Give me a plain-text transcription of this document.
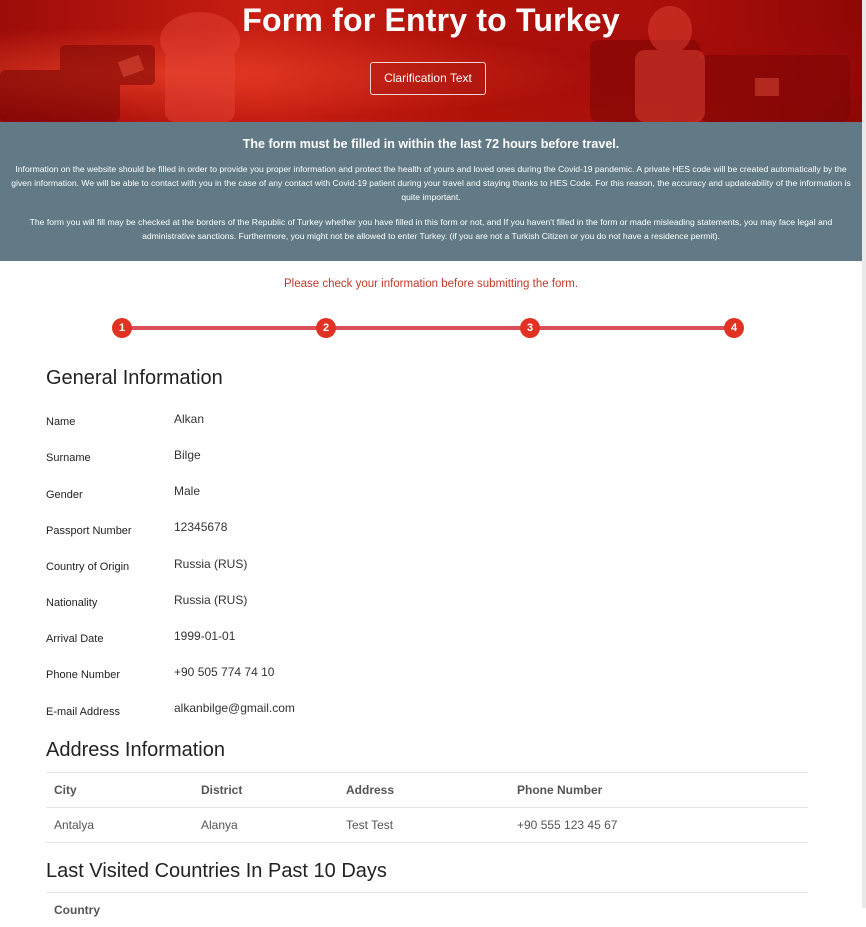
Form for Entry to Turkey
Clarification Text
The form must be filled in within the last 72 hours before travel.
Information on the website should be filled in order to provide you proper information and protect the health of yours and loved ones during the Covid-19 pandemic. A private HES code will be created automatically by the given information. We will be able to contact with you in the case of any contact with Covid-19 patient during your travel and staying thanks to HES Code. For this reason, the accuracy and updateability of the information is quite important.
The form you will fill may be checked at the borders of the Republic of Turkey whether you have filled in this form or not, and If you haven't filled in the form or made misleading statements, you may face legal and administrative sanctions. Furthermore, you might not be allowed to enter Turkey. (if you are not a Turkish Citizen or you do not have a residence permit).
Please check your information before submitting the form.
1	2	3	4
General Information
Name	Alkan
Surname	Bilge
Gender	Male
Passport Number	12345678
Country of Origin	Russia (RUS)
Nationality	Russia (RUS)
Arrival Date	1999-01-01
Phone Number	+90 505 774 74 10
E-mail Address	alkanbilge@gmail.com
Address Information
City	District	Address	Phone Number
Antalya	Alanya	Test Test	+90 555 123 45 67
Last Visited Countries In Past 10 Days
Country
